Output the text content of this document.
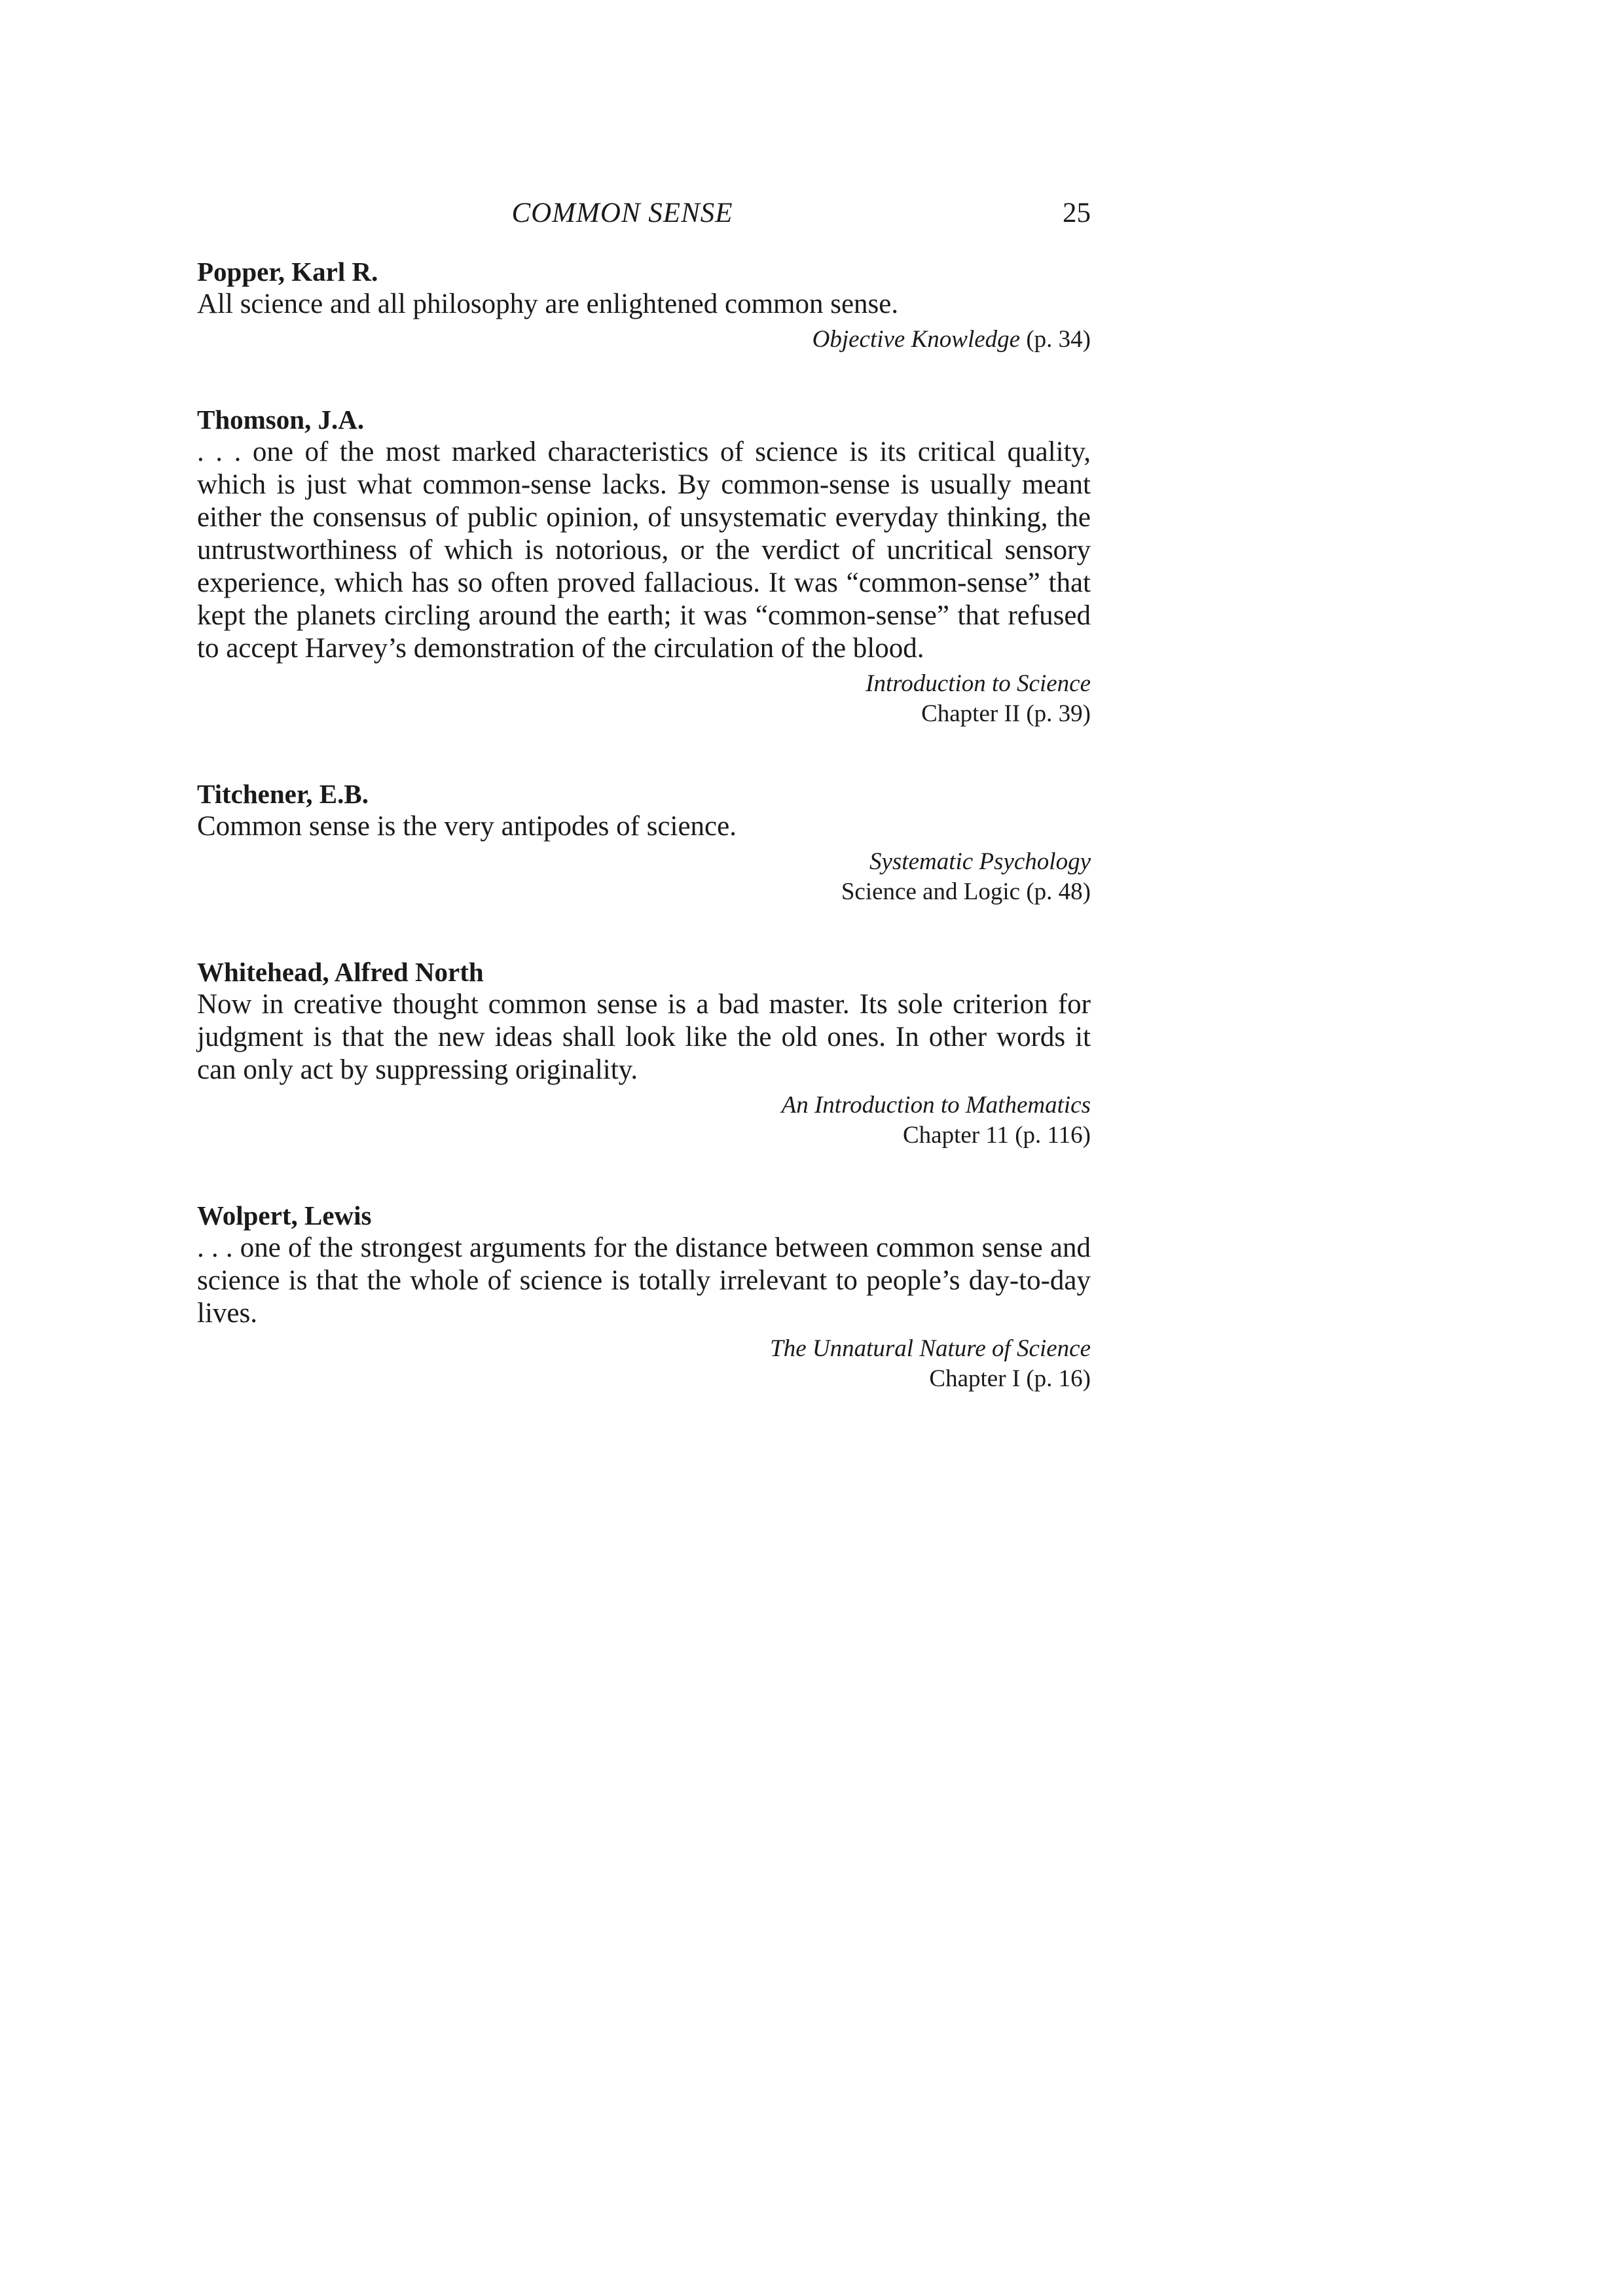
COMMON SENSE	25
Popper, Karl R.
All science and all philosophy are enlightened common sense.
Objective Knowledge (p. 34)
Thomson, J.A.
. . . one of the most marked characteristics of science is its critical quality, which is just what common-sense lacks. By common-sense is usually meant either the consensus of public opinion, of unsystematic everyday thinking, the untrustworthiness of which is notorious, or the verdict of uncritical sensory experience, which has so often proved fallacious. It was “common-sense” that kept the planets circling around the earth; it was “common-sense” that refused to accept Harvey’s demonstration of the circulation of the blood.
Introduction to Science
Chapter II (p. 39)
Titchener, E.B.
Common sense is the very antipodes of science.
Systematic Psychology
Science and Logic (p. 48)
Whitehead, Alfred North
Now in creative thought common sense is a bad master. Its sole criterion for judgment is that the new ideas shall look like the old ones. In other words it can only act by suppressing originality.
An Introduction to Mathematics
Chapter 11 (p. 116)
Wolpert, Lewis
. . . one of the strongest arguments for the distance between common sense and science is that the whole of science is totally irrelevant to people’s day-to-day lives.
The Unnatural Nature of Science
Chapter I (p. 16)
